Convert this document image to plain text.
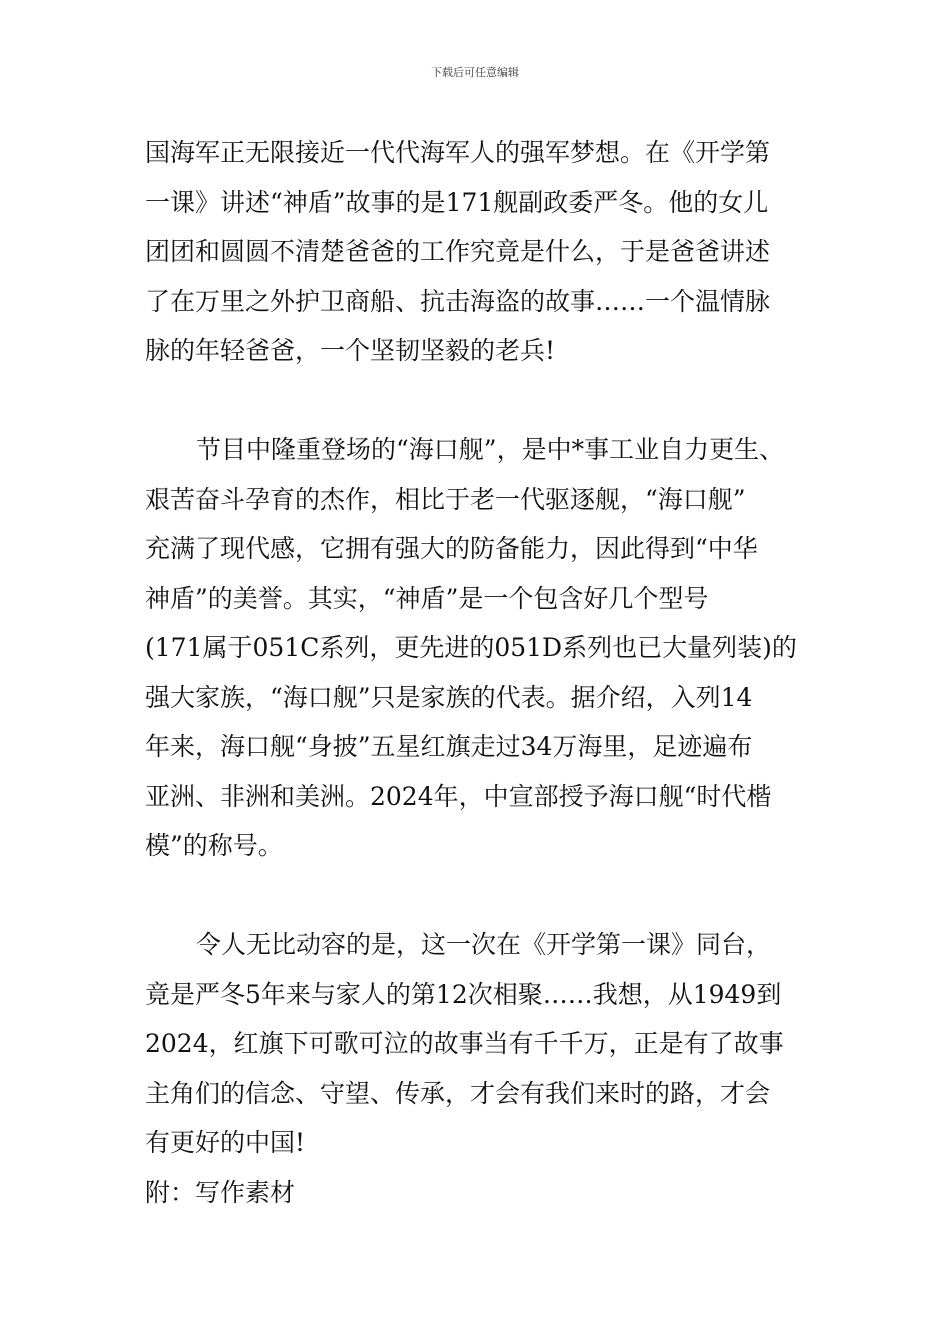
下载后可任意编辑
国海军正无限接近一代代海军人的强军梦想。在《开学第
一课》讲述“神盾”故事的是171舰副政委严冬。他的女儿
团团和圆圆不清楚爸爸的工作究竟是什么，于是爸爸讲述
了在万里之外护卫商船、抗击海盗的故事……一个温情脉
脉的年轻爸爸，一个坚韧坚毅的老兵!
节目中隆重登场的“海口舰”，是中*事工业自力更生、
艰苦奋斗孕育的杰作，相比于老一代驱逐舰，“海口舰”
充满了现代感，它拥有强大的防备能力，因此得到“中华
神盾”的美誉。其实，“神盾”是一个包含好几个型号
(171属于051C系列，更先进的051D系列也已大量列装)的
强大家族，“海口舰”只是家族的代表。据介绍，入列14
年来，海口舰“身披”五星红旗走过34万海里，足迹遍布
亚洲、非洲和美洲。2024年，中宣部授予海口舰“时代楷
模”的称号。
令人无比动容的是，这一次在《开学第一课》同台，
竟是严冬5年来与家人的第12次相聚……我想，从1949到
2024，红旗下可歌可泣的故事当有千千万，正是有了故事
主角们的信念、守望、传承，才会有我们来时的路，才会
有更好的中国!
附：写作素材
